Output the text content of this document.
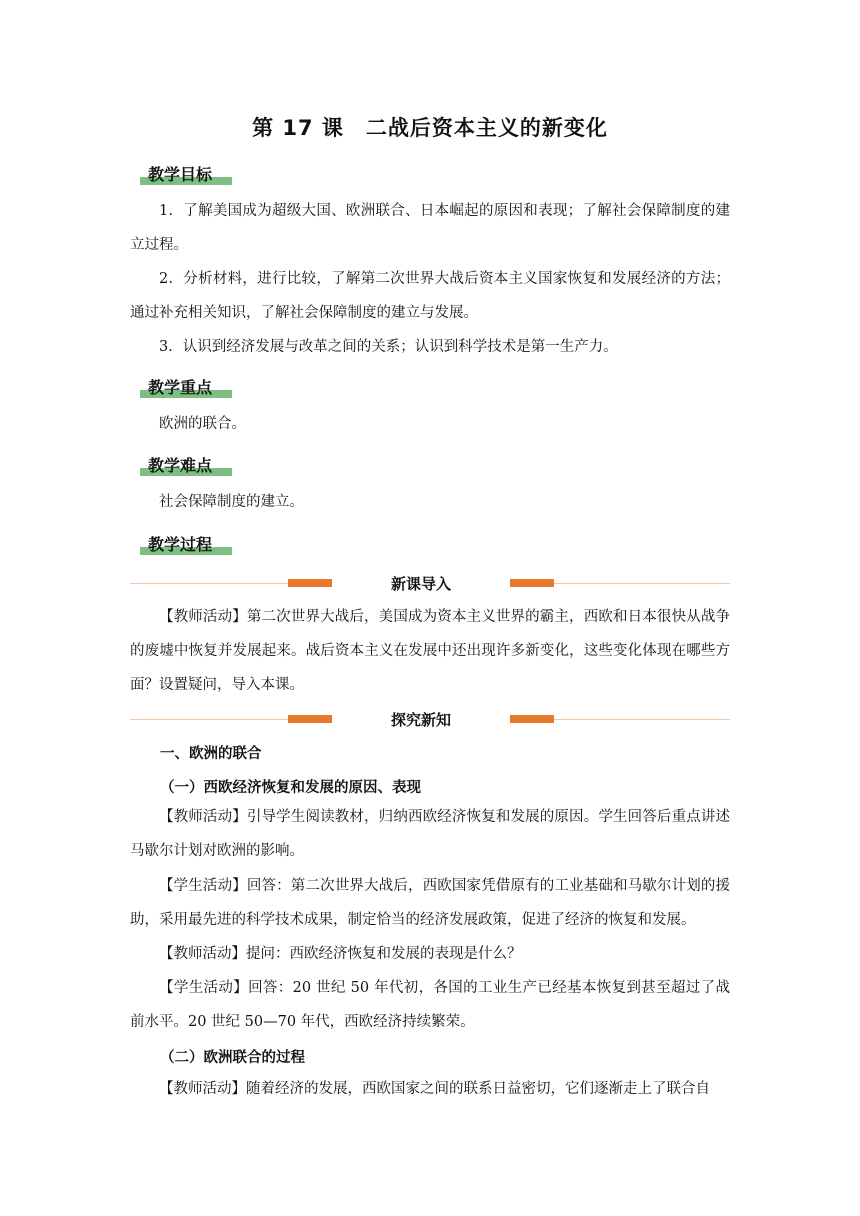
第 17 课　二战后资本主义的新变化
教学目标
1．了解美国成为超级大国、欧洲联合、日本崛起的原因和表现；了解社会保障制度的建立过程。
2．分析材料，进行比较，了解第二次世界大战后资本主义国家恢复和发展经济的方法；通过补充相关知识，了解社会保障制度的建立与发展。
3．认识到经济发展与改革之间的关系；认识到科学技术是第一生产力。
教学重点
欧洲的联合。
教学难点
社会保障制度的建立。
教学过程
新课导入
【教师活动】第二次世界大战后，美国成为资本主义世界的霸主，西欧和日本很快从战争的废墟中恢复并发展起来。战后资本主义在发展中还出现许多新变化，这些变化体现在哪些方面？设置疑问，导入本课。
探究新知
一、欧洲的联合
（一）西欧经济恢复和发展的原因、表现
【教师活动】引导学生阅读教材，归纳西欧经济恢复和发展的原因。学生回答后重点讲述马歇尔计划对欧洲的影响。
【学生活动】回答：第二次世界大战后，西欧国家凭借原有的工业基础和马歇尔计划的援助，采用最先进的科学技术成果，制定恰当的经济发展政策，促进了经济的恢复和发展。
【教师活动】提问：西欧经济恢复和发展的表现是什么？
【学生活动】回答：20 世纪 50 年代初，各国的工业生产已经基本恢复到甚至超过了战前水平。20 世纪 50—70 年代，西欧经济持续繁荣。
（二）欧洲联合的过程
【教师活动】随着经济的发展，西欧国家之间的联系日益密切，它们逐渐走上了联合自
